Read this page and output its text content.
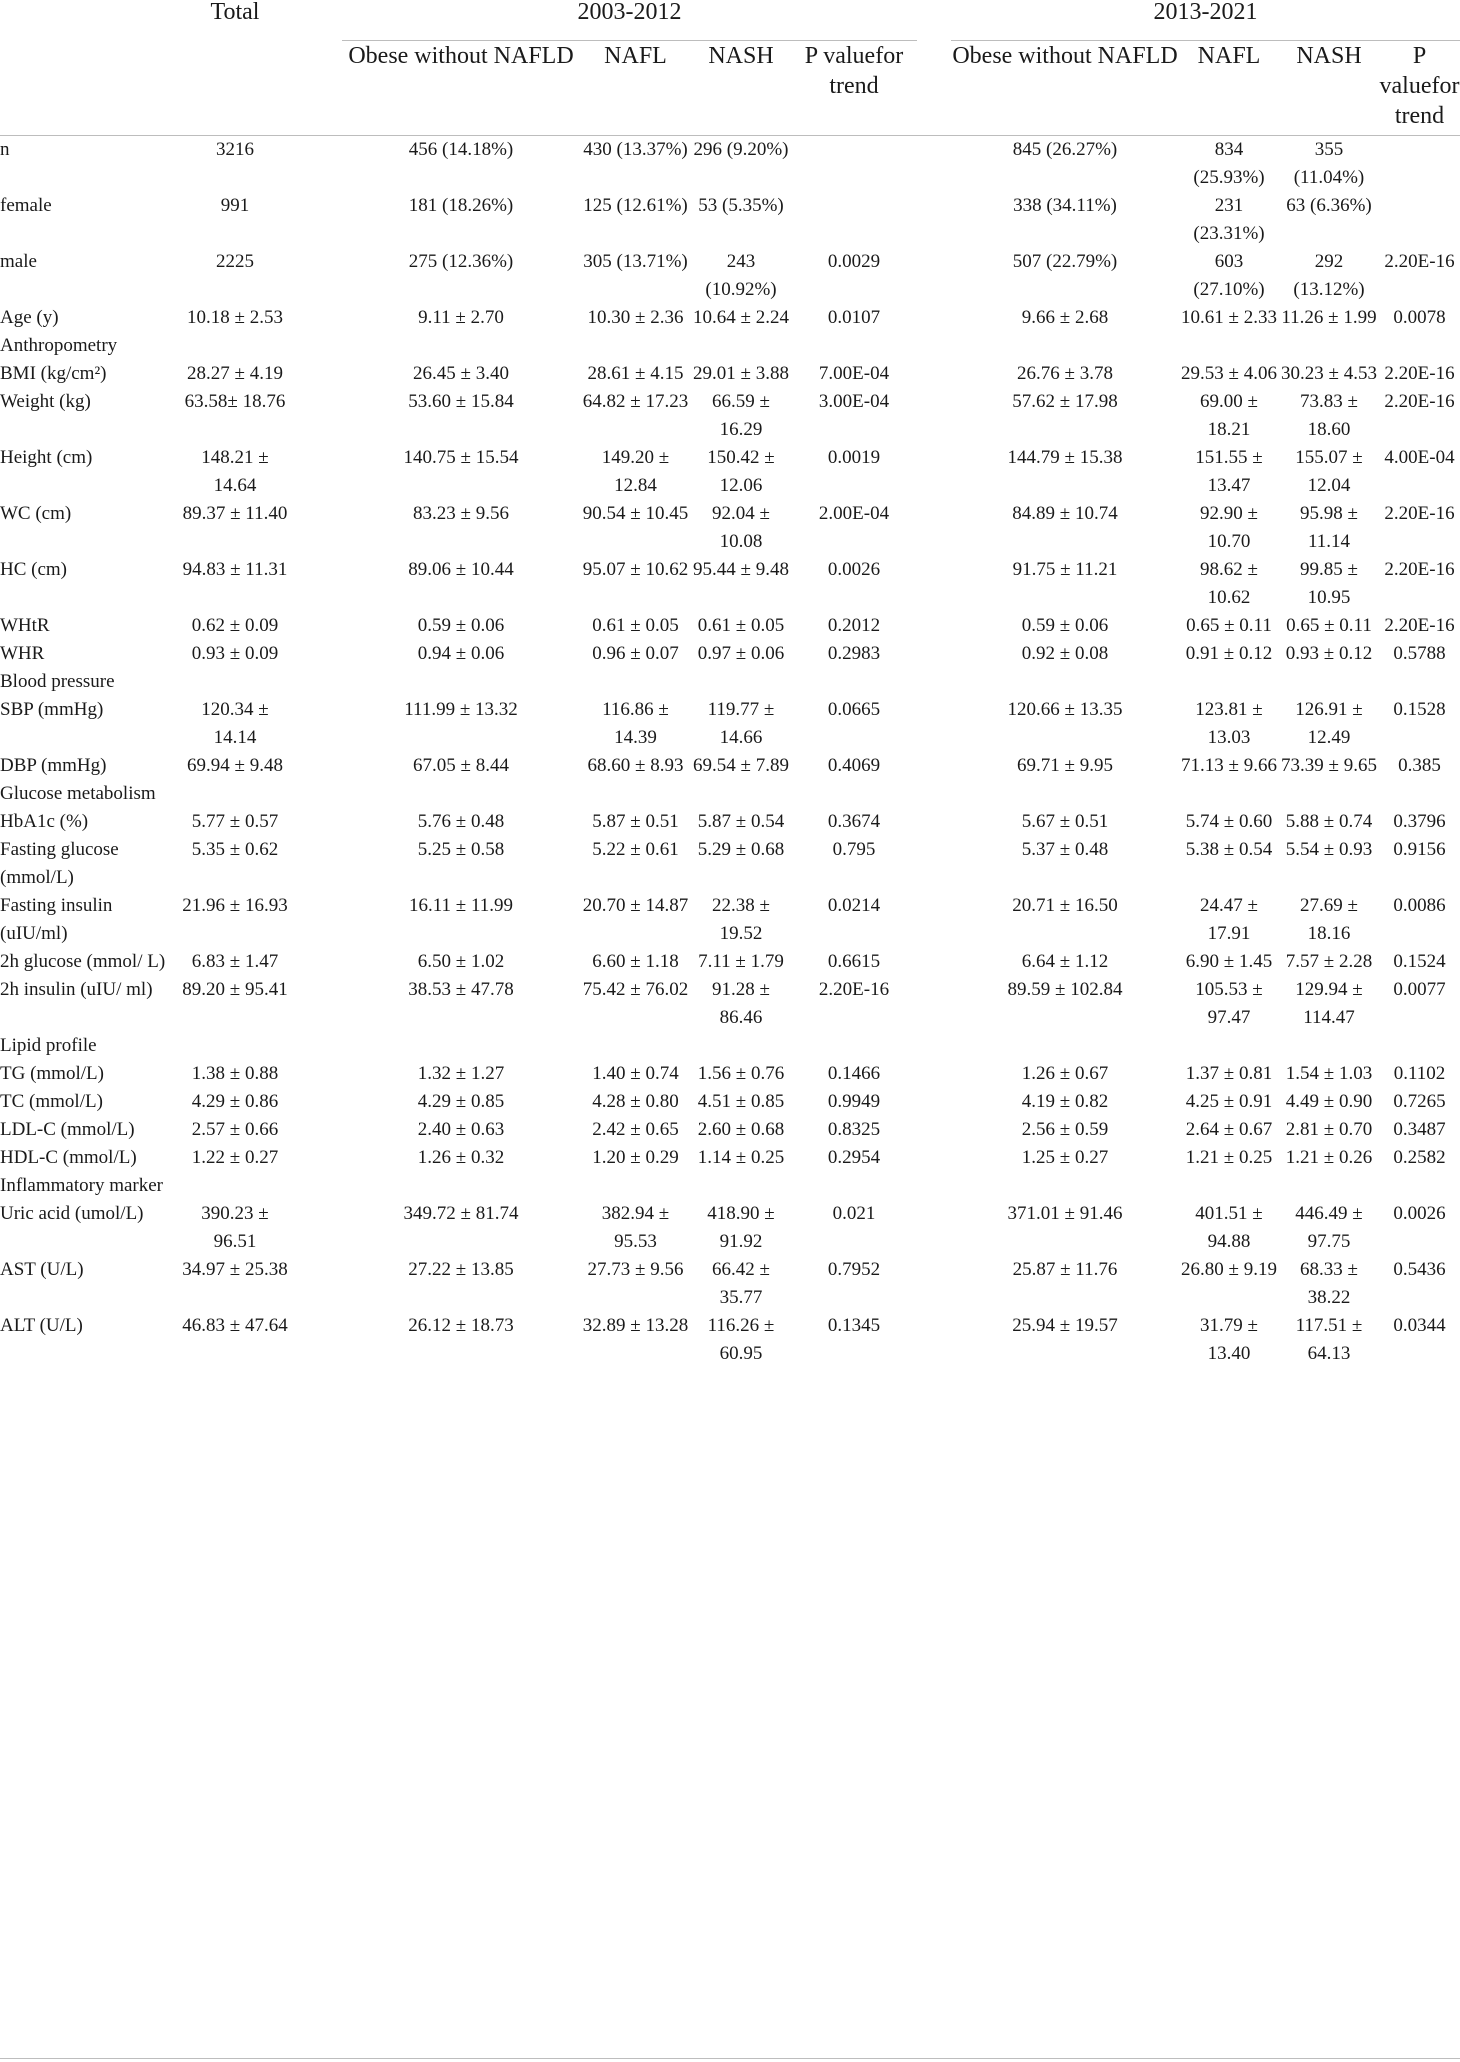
	Total		2003-2012					2013-2021			
			Obese without NAFLD	NAFL	NASH	P valuefor trend		Obese without NAFLD	NAFL	NASH	P valuefor trend
n	3216		456 (14.18%)	430 (13.37%)	296 (9.20%)			845 (26.27%)	834 (25.93%)	355 (11.04%)	
female	991		181 (18.26%)	125 (12.61%)	53 (5.35%)			338 (34.11%)	231 (23.31%)	63 (6.36%)	
male	2225		275 (12.36%)	305 (13.71%)	243 (10.92%)	0.0029		507 (22.79%)	603 (27.10%)	292 (13.12%)	2.20E-16
Age (y)	10.18 ± 2.53		9.11 ± 2.70	10.30 ± 2.36	10.64 ± 2.24	0.0107		9.66 ± 2.68	10.61 ± 2.33	11.26 ± 1.99	0.0078
Anthropometry											
BMI (kg/cm²)	28.27 ± 4.19		26.45 ± 3.40	28.61 ± 4.15	29.01 ± 3.88	7.00E-04		26.76 ± 3.78	29.53 ± 4.06	30.23 ± 4.53	2.20E-16
Weight (kg)	63.58± 18.76		53.60 ± 15.84	64.82 ± 17.23	66.59 ± 16.29	3.00E-04		57.62 ± 17.98	69.00 ± 18.21	73.83 ± 18.60	2.20E-16
Height (cm)	148.21 ± 14.64		140.75 ± 15.54	149.20 ± 12.84	150.42 ± 12.06	0.0019		144.79 ± 15.38	151.55 ± 13.47	155.07 ± 12.04	4.00E-04
WC (cm)	89.37 ± 11.40		83.23 ± 9.56	90.54 ± 10.45	92.04 ± 10.08	2.00E-04		84.89 ± 10.74	92.90 ± 10.70	95.98 ± 11.14	2.20E-16
HC (cm)	94.83 ± 11.31		89.06 ± 10.44	95.07 ± 10.62	95.44 ± 9.48	0.0026		91.75 ± 11.21	98.62 ± 10.62	99.85 ± 10.95	2.20E-16
WHtR	0.62 ± 0.09		0.59 ± 0.06	0.61 ± 0.05	0.61 ± 0.05	0.2012		0.59 ± 0.06	0.65 ± 0.11	0.65 ± 0.11	2.20E-16
WHR	0.93 ± 0.09		0.94 ± 0.06	0.96 ± 0.07	0.97 ± 0.06	0.2983		0.92 ± 0.08	0.91 ± 0.12	0.93 ± 0.12	0.5788
Blood pressure											
SBP (mmHg)	120.34 ± 14.14		111.99 ± 13.32	116.86 ± 14.39	119.77 ± 14.66	0.0665		120.66 ± 13.35	123.81 ± 13.03	126.91 ± 12.49	0.1528
DBP (mmHg)	69.94 ± 9.48		67.05 ± 8.44	68.60 ± 8.93	69.54 ± 7.89	0.4069		69.71 ± 9.95	71.13 ± 9.66	73.39 ± 9.65	0.385
Glucose metabolism											
HbA1c (%)	5.77 ± 0.57		5.76 ± 0.48	5.87 ± 0.51	5.87 ± 0.54	0.3674		5.67 ± 0.51	5.74 ± 0.60	5.88 ± 0.74	0.3796
Fasting glucose (mmol/L)	5.35 ± 0.62		5.25 ± 0.58	5.22 ± 0.61	5.29 ± 0.68	0.795		5.37 ± 0.48	5.38 ± 0.54	5.54 ± 0.93	0.9156
Fasting insulin (uIU/ml)	21.96 ± 16.93		16.11 ± 11.99	20.70 ± 14.87	22.38 ± 19.52	0.0214		20.71 ± 16.50	24.47 ± 17.91	27.69 ± 18.16	0.0086
2h glucose (mmol/ L)	6.83 ± 1.47		6.50 ± 1.02	6.60 ± 1.18	7.11 ± 1.79	0.6615		6.64 ± 1.12	6.90 ± 1.45	7.57 ± 2.28	0.1524
2h insulin (uIU/ ml)	89.20 ± 95.41		38.53 ± 47.78	75.42 ± 76.02	91.28 ± 86.46	2.20E-16		89.59 ± 102.84	105.53 ± 97.47	129.94 ± 114.47	0.0077
Lipid profile											
TG (mmol/L)	1.38 ± 0.88		1.32 ± 1.27	1.40 ± 0.74	1.56 ± 0.76	0.1466		1.26 ± 0.67	1.37 ± 0.81	1.54 ± 1.03	0.1102
TC (mmol/L)	4.29 ± 0.86		4.29 ± 0.85	4.28 ± 0.80	4.51 ± 0.85	0.9949		4.19 ± 0.82	4.25 ± 0.91	4.49 ± 0.90	0.7265
LDL-C (mmol/L)	2.57 ± 0.66		2.40 ± 0.63	2.42 ± 0.65	2.60 ± 0.68	0.8325		2.56 ± 0.59	2.64 ± 0.67	2.81 ± 0.70	0.3487
HDL-C (mmol/L)	1.22 ± 0.27		1.26 ± 0.32	1.20 ± 0.29	1.14 ± 0.25	0.2954		1.25 ± 0.27	1.21 ± 0.25	1.21 ± 0.26	0.2582
Inflammatory marker											
Uric acid (umol/L)	390.23 ± 96.51		349.72 ± 81.74	382.94 ± 95.53	418.90 ± 91.92	0.021		371.01 ± 91.46	401.51 ± 94.88	446.49 ± 97.75	0.0026
AST (U/L)	34.97 ± 25.38		27.22 ± 13.85	27.73 ± 9.56	66.42 ± 35.77	0.7952		25.87 ± 11.76	26.80 ± 9.19	68.33 ± 38.22	0.5436
ALT (U/L)	46.83 ± 47.64		26.12 ± 18.73	32.89 ± 13.28	116.26 ± 60.95	0.1345		25.94 ± 19.57	31.79 ± 13.40	117.51 ± 64.13	0.0344
